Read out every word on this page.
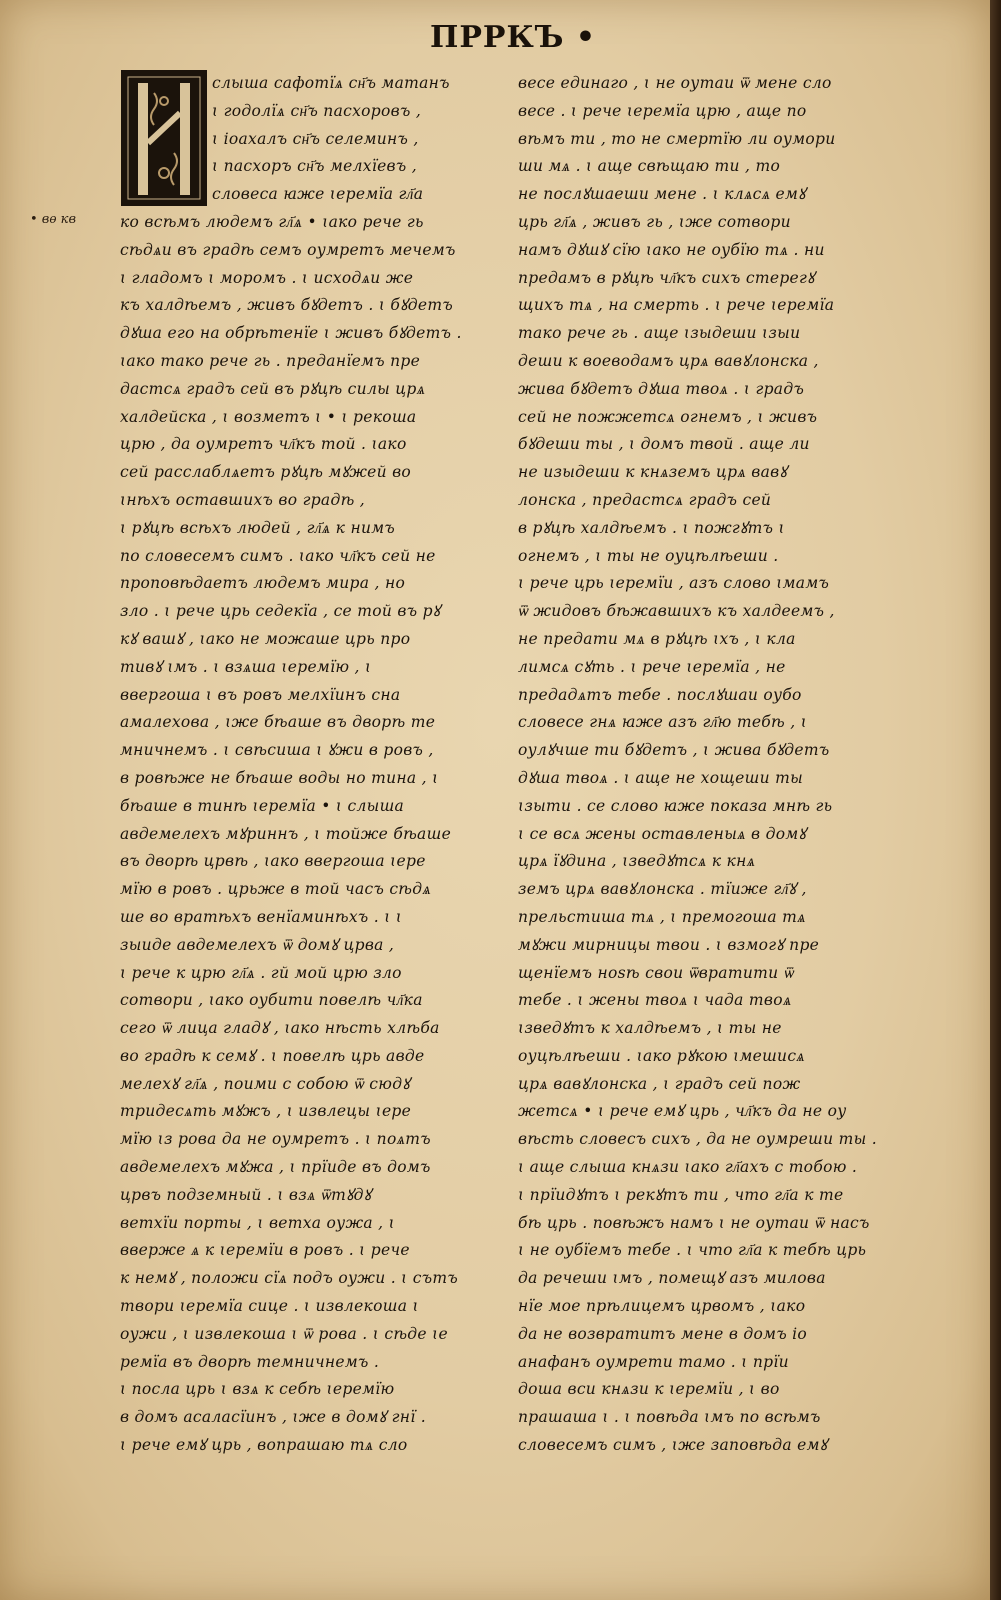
ПРРКЪ •
• вѳ кв
слыша сафотїѧ сн҃ъ матанъ
ꙇ годолїѧ сн҃ъ пасхоровъ ,
ꙇ іоахалъ сн҃ъ селеминъ ,
ꙇ пасхоръ сн҃ъ мелхїевъ ,
словеса ꙗже ꙇеремїа гл҃а
ко всѣмъ людемъ гл҃ѧ • ꙇако рече гь
сѣдѧи въ градѣ семъ оумретъ мечемъ
ꙇ гладомъ ꙇ моромъ . ꙇ исходѧи же
къ халдѣемъ , живъ бꙋдетъ . ꙇ бꙋдетъ
дꙋша его на обрѣтенїе ꙇ живъ бꙋдетъ .
ꙇако тако рече гь . преданїемъ пре
дастсѧ градъ сей въ рꙋцѣ силы црѧ
халдейска , ꙇ возметъ ꙇ • ꙇ рекоша
црю , да оумретъ чл҃къ той . ꙇако
сей расслаблѧетъ рꙋцѣ мꙋжей во
ꙇнѣхъ оставшихъ во градѣ ,
ꙇ рꙋцѣ всѣхъ людей , гл҃ѧ к нимъ
по словесемъ симъ . ꙇако чл҃къ сей не
проповѣдаетъ людемъ мира , но
зло . ꙇ рече црь седекїа , се той въ рꙋ
кꙋ вашꙋ , ꙇако не можаше црь про
тивꙋ ꙇмъ . ꙇ взѧша ꙇеремїю , ꙇ
ввергоша ꙇ въ ровъ мелхїинъ сна
амалехова , ꙇже бѣаше въ дворѣ те
мничнемъ . ꙇ свѣсиша ꙇ ꙋжи в ровъ ,
в ровѣже не бѣаше воды но тина , ꙇ
бѣаше в тинѣ ꙇеремїа • ꙇ слыша
авдемелехъ мꙋриннъ , ꙇ тойже бѣаше
въ дворѣ црвѣ , ꙇако ввергоша ꙇере
мїю в ровъ . црьже в той часъ сѣдѧ
ше во вратѣхъ венїаминѣхъ . ꙇ ꙇ
зыиде авдемелехъ ѿ домꙋ црва ,
ꙇ рече к црю гл҃ѧ . гй мой црю зло
сотвори , ꙇако оубити повелѣ чл҃ка
сего ѿ лица гладꙋ , ꙇако нѣсть хлѣба
во градѣ к семꙋ . ꙇ повелѣ црь авде
мелехꙋ гл҃ѧ , поими с собою ѿ сюдꙋ
тридесѧть мꙋжъ , ꙇ извлецы ꙇере
мїю ꙇз рова да не оумретъ . ꙇ поѧтъ
авдемелехъ мꙋжа , ꙇ прїиде въ домъ
црвъ подземный . ꙇ взѧ ѿтꙋдꙋ
ветхїи порты , ꙇ ветха оужа , ꙇ
вверже ѧ к ꙇеремїи в ровъ . ꙇ рече
к немꙋ , положи сїѧ подъ оужи . ꙇ сътъ
твори ꙇеремїа сице . ꙇ извлекоша ꙇ
оужи , ꙇ извлекоша ꙇ ѿ рова . ꙇ сѣде ꙇе
ремїа въ дворѣ темничнемъ .
ꙇ посла црь ꙇ взѧ к себѣ ꙇеремїю
в домъ асаласїинъ , ꙇже в домꙋ гнї .
ꙇ рече емꙋ црь , вопрашаю тѧ сло
весе единаго , ꙇ не оутаи ѿ мене сло
весе . ꙇ рече ꙇеремїа црю , аще по
вѣмъ ти , то не смертїю ли оумори
ши мѧ . ꙇ аще свѣщаю ти , то
не послꙋшаеши мене . ꙇ клѧсѧ емꙋ
црь гл҃ѧ , живъ гь , ꙇже сотвори
намъ дꙋшꙋ сїю ꙇако не оубїю тѧ . ни
предамъ в рꙋцѣ чл҃къ сихъ стерегꙋ
щихъ тѧ , на смерть . ꙇ рече ꙇеремїа
тако рече гь . аще ꙇзыдеши ꙇзыи
деши к воеводамъ црѧ вавꙋлонска ,
жива бꙋдетъ дꙋша твоѧ . ꙇ градъ
сей не пожжетсѧ огнемъ , ꙇ живъ
бꙋдеши ты , ꙇ домъ твой . аще ли
не изыдеши к кнѧземъ црѧ вавꙋ
лонска , предастсѧ градъ сей
в рꙋцѣ халдѣемъ . ꙇ пожгꙋтъ ꙇ
огнемъ , ꙇ ты не оуцѣлѣеши .
ꙇ рече црь ꙇеремїи , азъ слово ꙇмамъ
ѿ жидовъ бѣжавшихъ къ халдеемъ ,
не предати мѧ в рꙋцѣ ꙇхъ , ꙇ кла
лимсѧ сꙋть . ꙇ рече ꙇеремїа , не
предадѧтъ тебе . послꙋшаи оубо
словесе гнѧ ꙗже азъ гл҃ю тебѣ , ꙇ
оулꙋчше ти бꙋдетъ , ꙇ жива бꙋдетъ
дꙋша твоѧ . ꙇ аще не хощеши ты
ꙇзыти . се слово ꙗже показа мнѣ гь
ꙇ се всѧ жены оставленыѧ в домꙋ
црѧ їꙋдина , ꙇзведꙋтсѧ к кнѧ
земъ црѧ вавꙋлонска . тїиже гл҃ꙋ ,
прельстиша тѧ , ꙇ премогоша тѧ
мꙋжи мирницы твои . ꙇ взмогꙋ пре
щенїемъ ноѕѣ свои ѿвратити ѿ
тебе . ꙇ жены твоѧ ꙇ чада твоѧ
ꙇзведꙋтъ к халдѣемъ , ꙇ ты не
оуцѣлѣеши . ꙇако рꙋкою ꙇмешисѧ
црѧ вавꙋлонска , ꙇ градъ сей пож
жетсѧ • ꙇ рече емꙋ црь , чл҃къ да не оу
вѣсть словесъ сихъ , да не оумреши ты .
ꙇ аще слыша кнѧзи ꙇако гл҃ахъ с тобою .
ꙇ прїидꙋтъ ꙇ рекꙋтъ ти , что гл҃а к те
бѣ црь . повѣжъ намъ ꙇ не оутаи ѿ насъ
ꙇ не оубїемъ тебе . ꙇ что гл҃а к тебѣ црь
да речеши ꙇмъ , помещꙋ азъ милова
нїе мое прѣлицемъ црвомъ , ꙇако
да не возвратитъ мене в домъ іо
анафанъ оумрети тамо . ꙇ прїи
доша вси кнѧзи к ꙇеремїи , ꙇ во
прашаша ꙇ . ꙇ повѣда ꙇмъ по всѣмъ
словесемъ симъ , ꙇже заповѣда емꙋ
